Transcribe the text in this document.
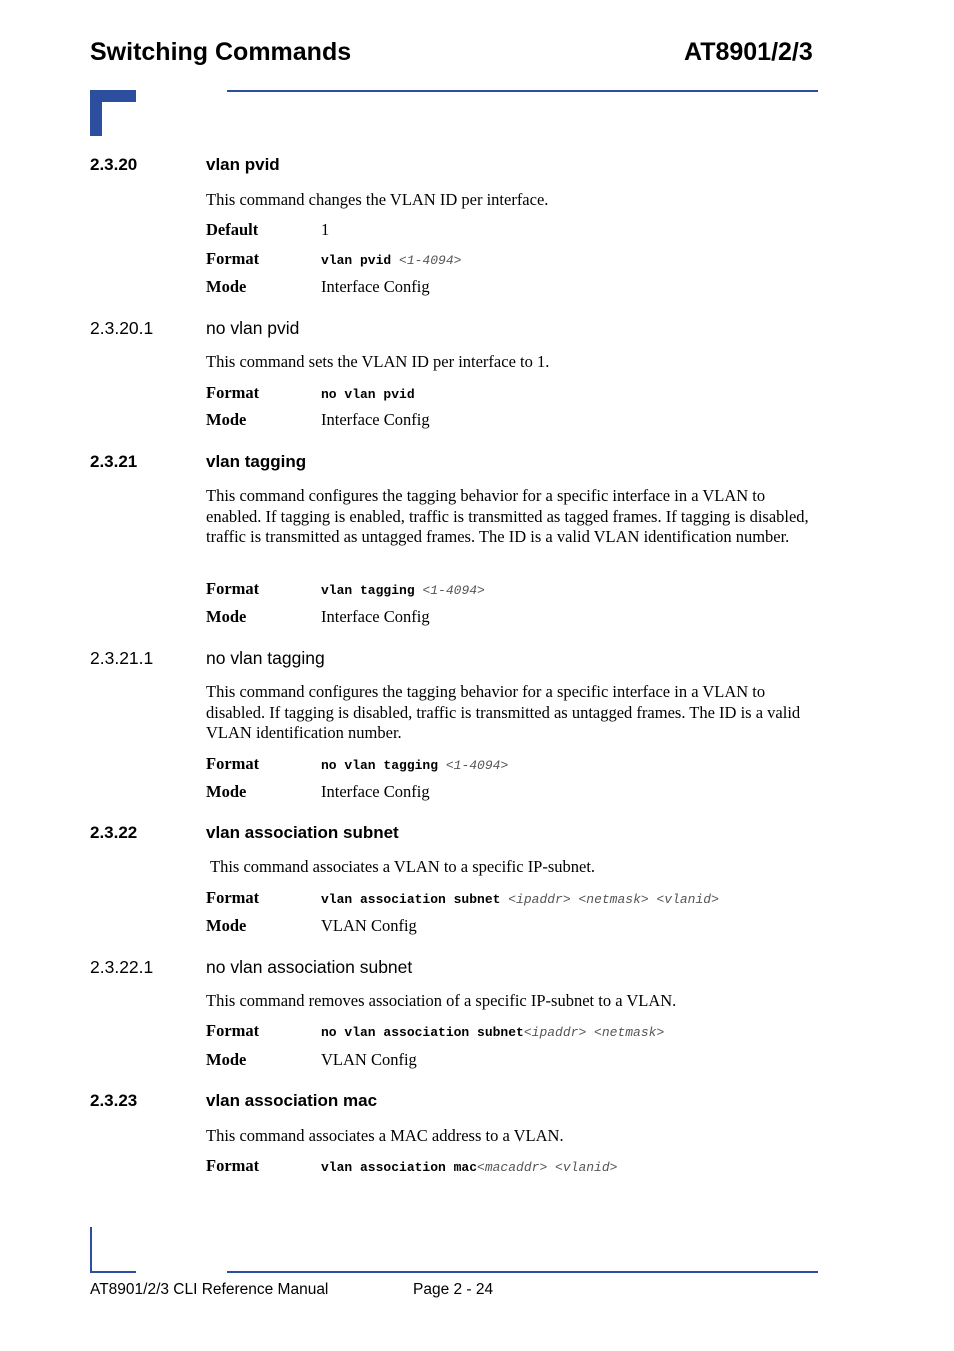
Switching Commands	AT8901/2/3
2.3.20	vlan pvid
This command changes the VLAN ID per interface.
Default	1
Format	vlan pvid <1-4094>
Mode	Interface Config
2.3.20.1	no vlan pvid
This command sets the VLAN ID per interface to 1.
Format	no vlan pvid
Mode	Interface Config
2.3.21	vlan tagging
This command configures the tagging behavior for a specific interface in a VLAN to enabled. If tagging is enabled, traffic is transmitted as tagged frames. If tagging is disabled, traffic is transmitted as untagged frames. The ID is a valid VLAN identification number.
Format	vlan tagging <1-4094>
Mode	Interface Config
2.3.21.1	no vlan tagging
This command configures the tagging behavior for a specific interface in a VLAN to disabled. If tagging is disabled, traffic is transmitted as untagged frames. The ID is a valid VLAN identification number.
Format	no vlan tagging <1-4094>
Mode	Interface Config
2.3.22	vlan association subnet
This command associates a VLAN to a specific IP-subnet.
Format	vlan association subnet <ipaddr> <netmask> <vlanid>
Mode	VLAN Config
2.3.22.1	no vlan association subnet
This command removes association of a specific IP-subnet to a VLAN.
Format	no vlan association subnet<ipaddr> <netmask>
Mode	VLAN Config
2.3.23	vlan association mac
This command associates a MAC address to a VLAN.
Format	vlan association mac<macaddr> <vlanid>
AT8901/2/3 CLI Reference Manual	Page 2 - 24
